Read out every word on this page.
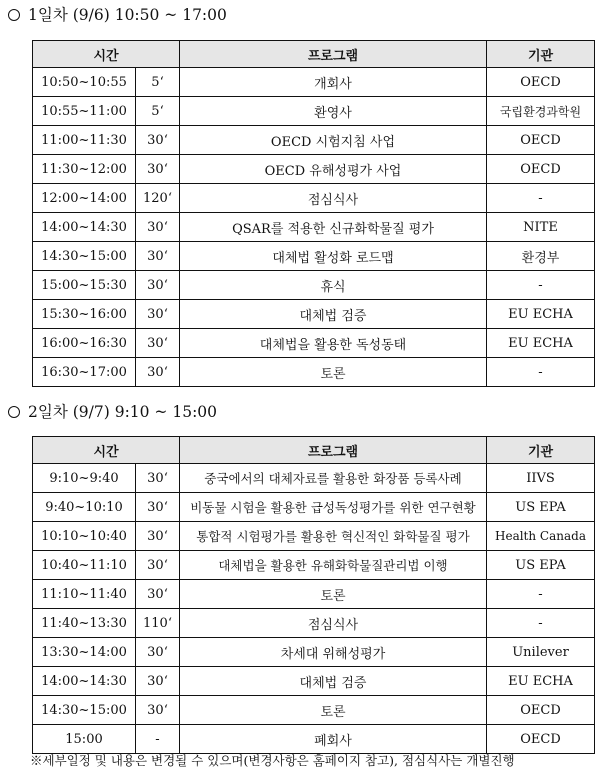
1일차 (9/6) 10:50 ~ 17:00
시간		프로그램	기관
10:50~10:55	5‘	개회사	OECD
10:55~11:00	5‘	환영사	국립환경과학원
11:00~11:30	30‘	OECD 시험지침 사업	OECD
11:30~12:00	30‘	OECD 유해성평가 사업	OECD
12:00~14:00	120‘	점심식사	-
14:00~14:30	30‘	QSAR를 적용한 신규화학물질 평가	NITE
14:30~15:00	30‘	대체법 활성화 로드맵	환경부
15:00~15:30	30‘	휴식	-
15:30~16:00	30‘	대체법 검증	EU ECHA
16:00~16:30	30‘	대체법을 활용한 독성동태	EU ECHA
16:30~17:00	30‘	토론	-
2일차 (9/7) 9:10 ~ 15:00
시간		프로그램	기관
9:10~9:40	30‘	중국에서의 대체자료를 활용한 화장품 등록사례	IIVS
9:40~10:10	30‘	비동물 시험을 활용한 급성독성평가를 위한 연구현황	US EPA
10:10~10:40	30‘	통합적 시험평가를 활용한 혁신적인 화학물질 평가	Health Canada
10:40~11:10	30‘	대체법을 활용한 유해화학물질관리법 이행	US EPA
11:10~11:40	30‘	토론	-
11:40~13:30	110‘	점심식사	-
13:30~14:00	30‘	차세대 위해성평가	Unilever
14:00~14:30	30‘	대체법 검증	EU ECHA
14:30~15:00	30‘	토론	OECD
15:00	-	폐회사	OECD
※세부일정 및 내용은 변경될 수 있으며(변경사항은 홈페이지 참고), 점심식사는 개별진행
